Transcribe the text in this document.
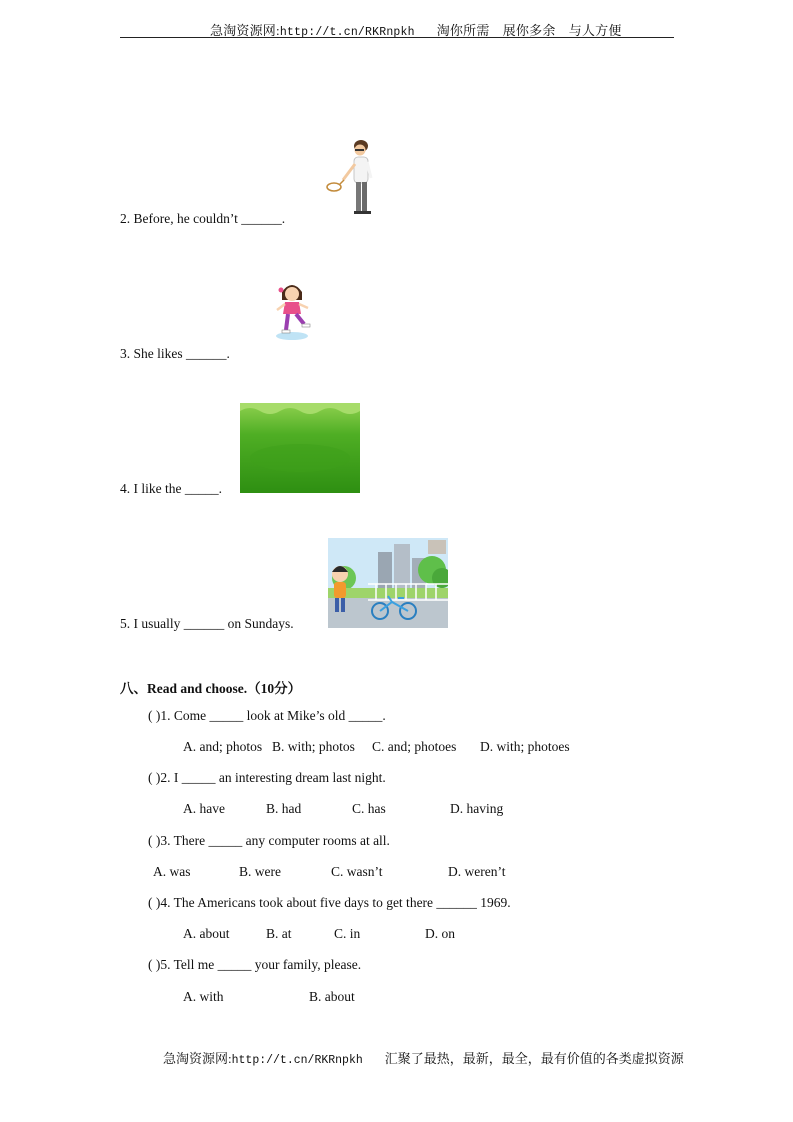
急淘资源网:http://t.cn/RKRnpkh 淘你所需　展你多余　与人方便
2. Before, he couldn’t ______.
3. She likes ______.
4. I like the _____.
5. I usually ______ on Sundays.
八、Read and choose.（10分）
( )1. Come _____ look at Mike’s old _____.
A. and; photos B. with; photos C. and; photoes D. with; photoes
( )2. I _____ an interesting dream last night.
A. have	B. had	C. has	D. having
( )3. There _____ any computer rooms at all.
A. was	B. were	C. wasn’t	D. weren’t
( )4. The Americans took about five days to get there ______ 1969.
A. about	B. at	C. in	D. on
( )5. Tell me _____ your family, please.
A. with	B. about
急淘资源网:http://t.cn/RKRnpkh 汇聚了最热，最新，最全，最有价值的各类虚拟资源
